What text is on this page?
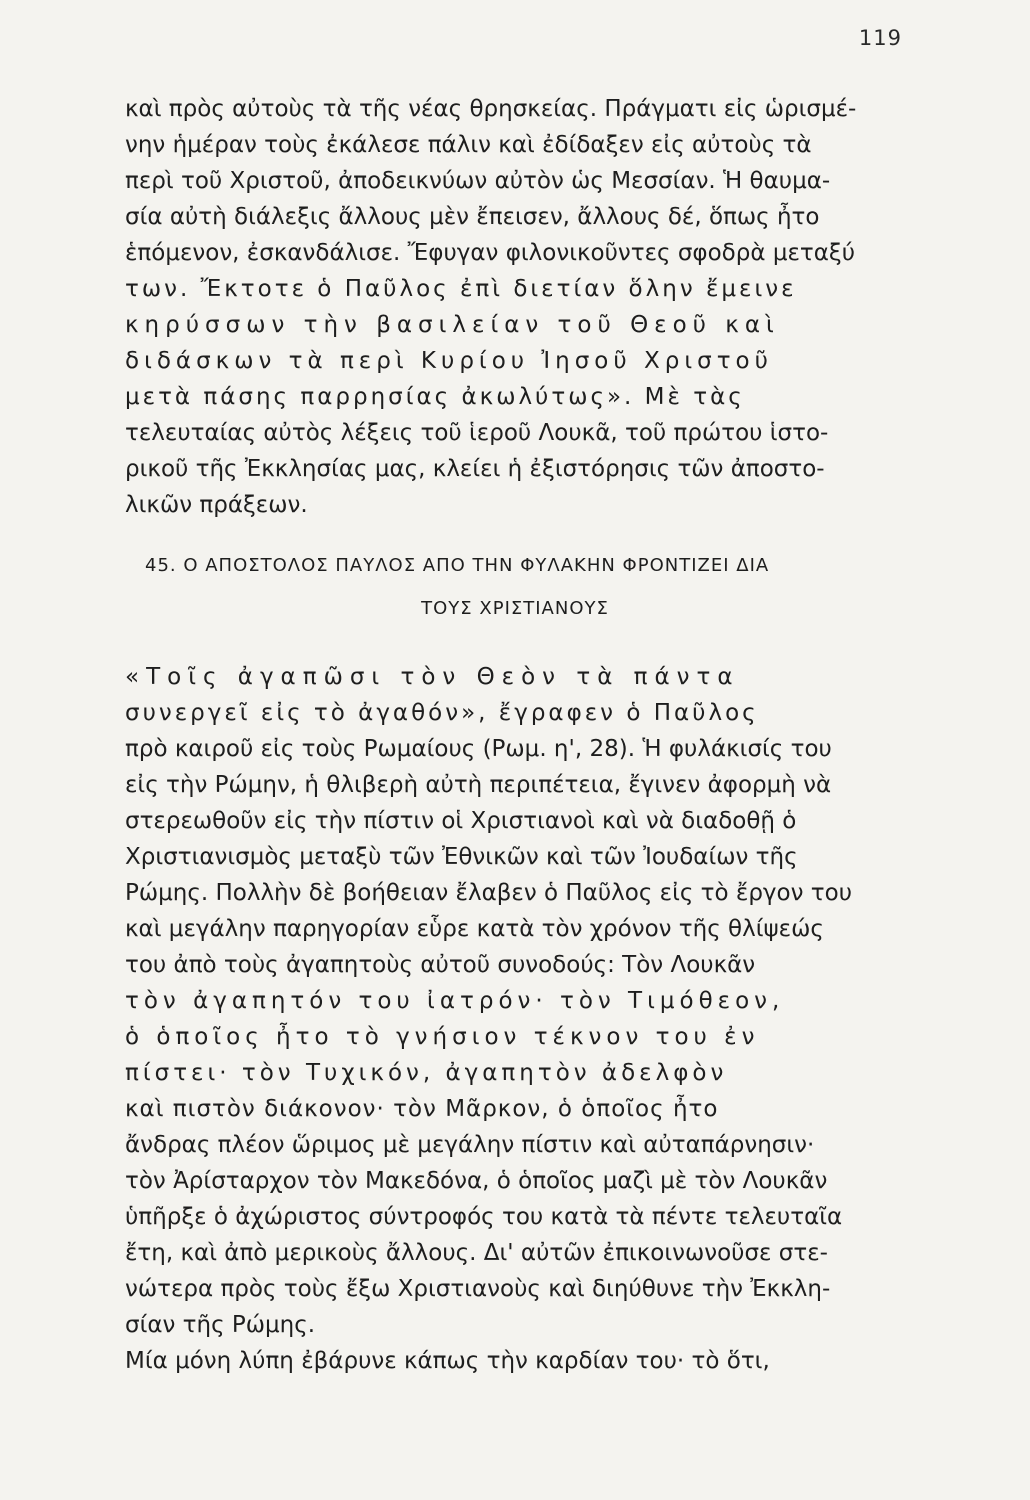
119
καὶ πρὸς αὐτοὺς τὰ τῆς νέας θρησκείας. Πράγματι εἰς ὡρισμέ-
νην ἡμέραν τοὺς ἐκάλεσε πάλιν καὶ ἐδίδαξεν εἰς αὐτοὺς τὰ
περὶ τοῦ Χριστοῦ, ἀποδεικνύων αὐτὸν ὡς Μεσσίαν. Ἡ θαυμα-
σία αὐτὴ διάλεξις ἄλλους μὲν ἔπεισεν, ἄλλους δέ, ὅπως ἦτο
ἑπόμενον, ἐσκανδάλισε. Ἔφυγαν φιλονικοῦντες σφοδρὰ μεταξύ
των. Ἔκτοτε ὁ Παῦλος ἐπὶ διετίαν ὅλην ἔμεινε
κηρύσσων τὴν βασιλείαν τοῦ Θεοῦ καὶ
διδάσκων τὰ περὶ Κυρίου Ἰησοῦ Χριστοῦ
μετὰ πάσης παρρησίας ἀκωλύτως». Μὲ τὰς
τελευταίας αὐτὸς λέξεις τοῦ ἱεροῦ Λουκᾶ, τοῦ πρώτου ἱστο-
ρικοῦ τῆς Ἐκκλησίας μας, κλείει ἡ ἐξιστόρησις τῶν ἀποστο-
λικῶν πράξεων.
45. Ο ΑΠΟΣΤΟΛΟΣ ΠΑΥΛΟΣ ΑΠΟ ΤΗΝ ΦΥΛΑΚΗΝ ΦΡΟΝΤΙΖΕΙ ΔΙΑ
ΤΟΥΣ ΧΡΙΣΤΙΑΝΟΥΣ
«Τοῖς ἀγαπῶσι τὸν Θεὸν τὰ πάντα
συνεργεῖ εἰς τὸ ἀγαθόν», ἔγραφεν ὁ Παῦλος
πρὸ καιροῦ εἰς τοὺς Ρωμαίους (Ρωμ. η', 28). Ἡ φυλάκισίς του
εἰς τὴν Ρώμην, ἡ θλιβερὴ αὐτὴ περιπέτεια, ἔγινεν ἀφορμὴ νὰ
στερεωθοῦν εἰς τὴν πίστιν οἱ Χριστιανοὶ καὶ νὰ διαδοθῇ ὁ
Χριστιανισμὸς μεταξὺ τῶν Ἐθνικῶν καὶ τῶν Ἰουδαίων τῆς
Ρώμης. Πολλὴν δὲ βοήθειαν ἔλαβεν ὁ Παῦλος εἰς τὸ ἔργον του
καὶ μεγάλην παρηγορίαν εὗρε κατὰ τὸν χρόνον τῆς θλίψεώς
του ἀπὸ τοὺς ἀγαπητοὺς αὐτοῦ συνοδούς: Τὸν Λουκᾶν
τὸν ἀγαπητόν του ἰατρόν· τὸν Τιμόθεον,
ὁ ὁποῖος ἦτο τὸ γνήσιον τέκνον του ἐν
πίστει· τὸν Τυχικόν, ἀγαπητὸν ἀδελφὸν
καὶ πιστὸν διάκονον· τὸν Μᾶρκον, ὁ ὁποῖος ἦτο
ἄνδρας πλέον ὥριμος μὲ μεγάλην πίστιν καὶ αὐταπάρνησιν·
τὸν Ἀρίσταρχον τὸν Μακεδόνα, ὁ ὁποῖος μαζὶ μὲ τὸν Λουκᾶν
ὑπῆρξε ὁ ἀχώριστος σύντροφός του κατὰ τὰ πέντε τελευταῖα
ἔτη, καὶ ἀπὸ μερικοὺς ἄλλους. Δι' αὐτῶν ἐπικοινωνοῦσε στε-
νώτερα πρὸς τοὺς ἔξω Χριστιανοὺς καὶ διηύθυνε τὴν Ἐκκλη-
σίαν τῆς Ρώμης.
Μία μόνη λύπη ἐβάρυνε κάπως τὴν καρδίαν του· τὸ ὅτι,
